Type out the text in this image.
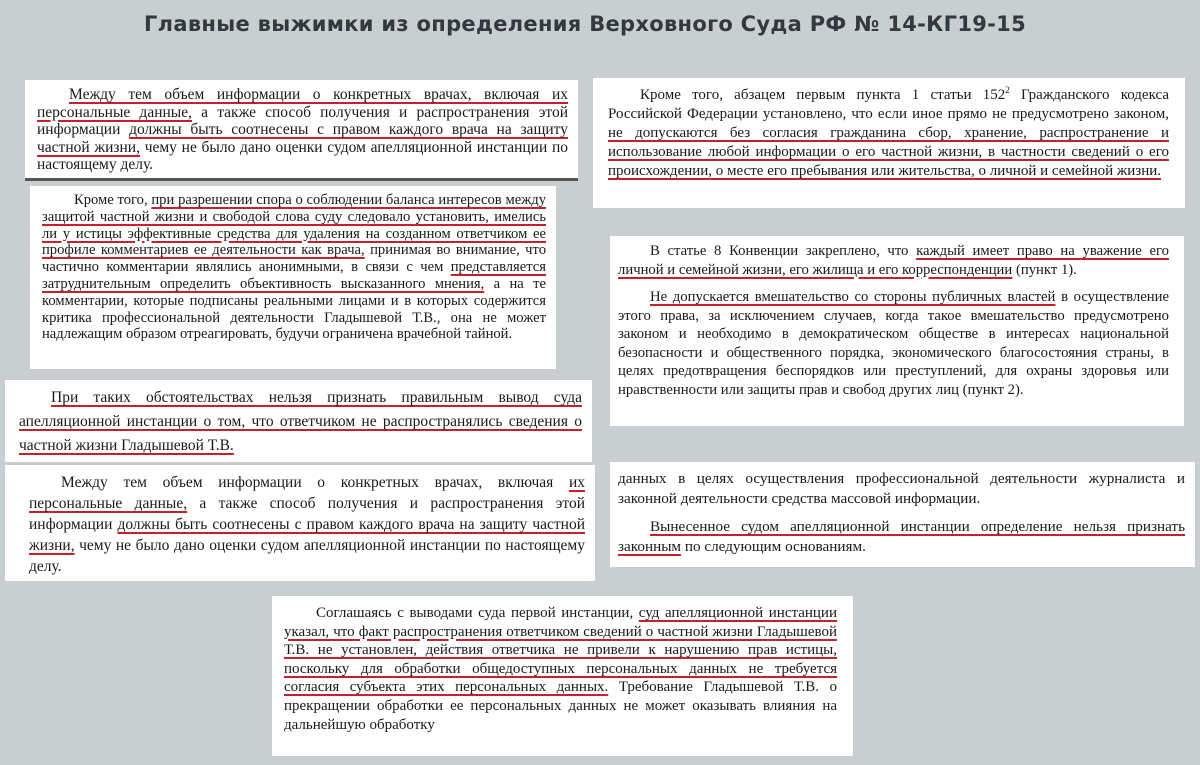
Главные выжимки из определения Верховного Суда РФ № 14-КГ19-15

Между тем объем информации о конкретных врачах, включая их персональные данные, а также способ получения и распространения этой информации должны быть соотнесены с правом каждого врача на защиту частной жизни, чему не было дано оценки судом апелляционной инстанции по настоящему делу.

Кроме того, при разрешении спора о соблюдении баланса интересов между защитой частной жизни и свободой слова суду следовало установить, имелись ли у истицы эффективные средства для удаления на созданном ответчиком ее профиле комментариев ее деятельности как врача, принимая во внимание, что частично комментарии являлись анонимными, в связи с чем представляется затруднительным определить объективность высказанного мнения, а на те комментарии, которые подписаны реальными лицами и в которых содержится критика профессиональной деятельности Гладышевой Т.В., она не может надлежащим образом отреагировать, будучи ограничена врачебной тайной.

При таких обстоятельствах нельзя признать правильным вывод суда апелляционной инстанции о том, что ответчиком не распространялись сведения о частной жизни Гладышевой Т.В.

Между тем объем информации о конкретных врачах, включая их персональные данные, а также способ получения и распространения этой информации должны быть соотнесены с правом каждого врача на защиту частной жизни, чему не было дано оценки судом апелляционной инстанции по настоящему делу.

Кроме того, абзацем первым пункта 1 статьи $152^2$ Гражданского кодекса Российской Федерации установлено, что если иное прямо не предусмотрено законом, не допускаются без согласия гражданина сбор, хранение, распространение и использование любой информации о его частной жизни, в частности сведений о его происхождении, о месте его пребывания или жительства, о личной и семейной жизни.

В статье 8 Конвенции закреплено, что каждый имеет право на уважение его личной и семейной жизни, его жилища и его корреспонденции (пункт 1).

Не допускается вмешательство со стороны публичных властей в осуществление этого права, за исключением случаев, когда такое вмешательство предусмотрено законом и необходимо в демократическом обществе в интересах национальной безопасности и общественного порядка, экономического благосостояния страны, в целях предотвращения беспорядков или преступлений, для охраны здоровья или нравственности или защиты прав и свобод других лиц (пункт 2).

данных в целях осуществления профессиональной деятельности журналиста и законной деятельности средства массовой информации.

Вынесенное судом апелляционной инстанции определение нельзя признать законным по следующим основаниям.

Соглашаясь с выводами суда первой инстанции, суд апелляционной инстанции указал, что факт распространения ответчиком сведений о частной жизни Гладышевой Т.В. не установлен, действия ответчика не привели к нарушению прав истицы, поскольку для обработки общедоступных персональных данных не требуется согласия субъекта этих персональных данных. Требование Гладышевой Т.В. о прекращении обработки ее персональных данных не может оказывать влияния на дальнейшую обработку
